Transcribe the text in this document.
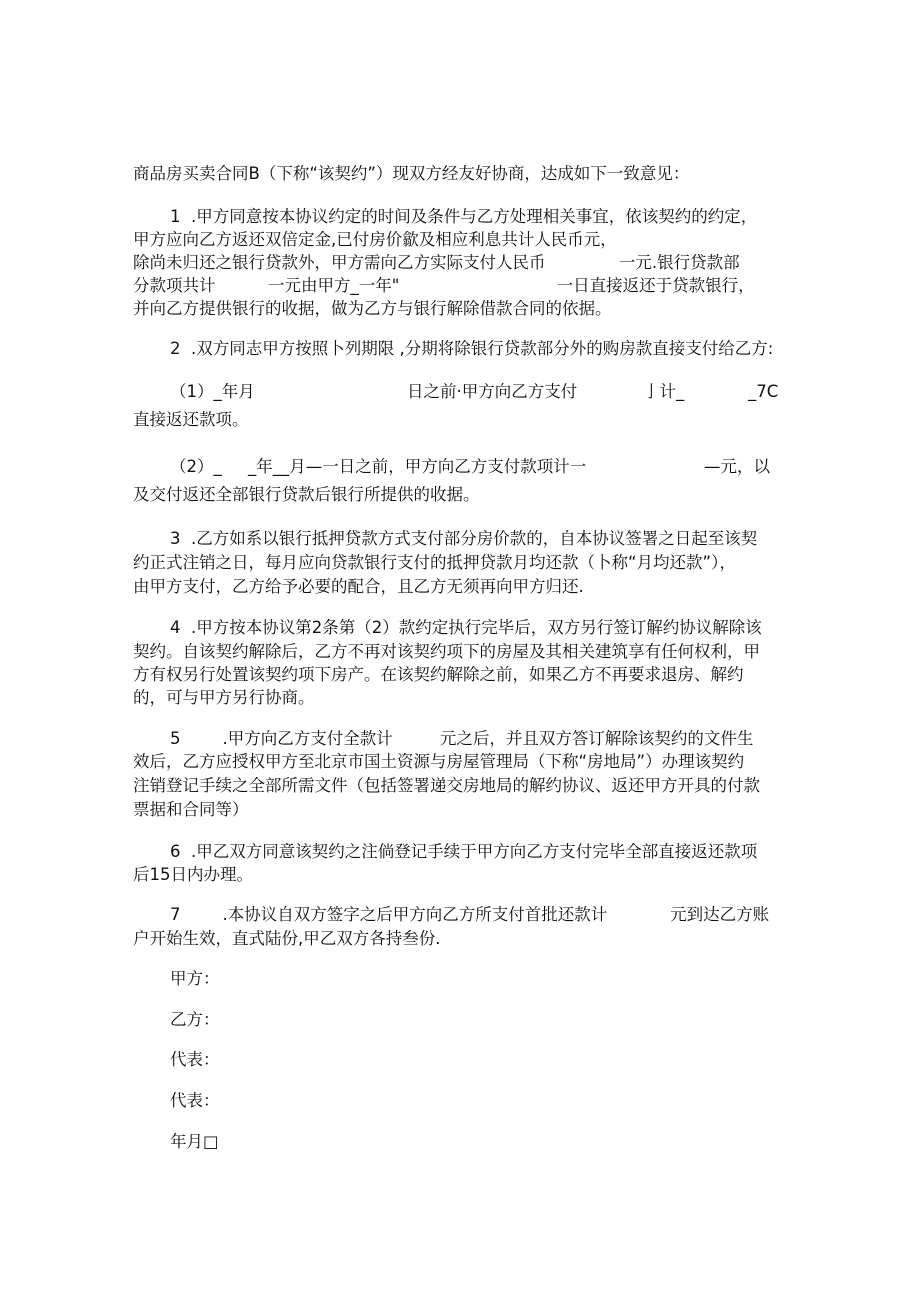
商品房买卖合同B（下称“该契约”）现双方经友好协商，达成如下一致意见：
1  .甲方同意按本协议约定的时间及条件与乙方处理相关事宜，依该契约的约定，
甲方应向乙方返还双倍定金,已付房价歙及相应利息共计人民币元，
除尚未归还之银行贷款外，甲方需向乙方实际支付人民币              一元.银行贷款部
分款项共计          一元由甲方_一年"                              一日直接返还于贷款银行，
并向乙方提供银行的收据，做为乙方与银行解除借款合同的依据。
2  .双方同志甲方按照卜列期限 ,分期将除银行贷款部分外的购房款直接支付给乙方:
（1）_年月	日之前·甲方向乙方支付	亅计_	_7C
直接返还款项。
（2）_     _年__月—一日之前，甲方向乙方支付款项计一	—元，以
及交付返还全部银行贷款后银行所提供的收据。
3  .乙方如系以银行抵押贷款方式支付部分房价款的，自本协议签署之日起至该契
约正式注销之日，每月应向贷款银行支付的抵押贷款月均还款（卜称“月均还款”），
由甲方支付，乙方给予必要的配合，且乙方无须再向甲方归还.
4  .甲方按本协议第2条第（2）款约定执行完毕后，双方另行签订解约协议解除该
契约。自该契约解除后，乙方不再对该契约项下的房屋及其相关建筑享有任何权利，甲
方有权另行处置该契约项下房产。在该契约解除之前，如果乙方不再要求退房、解约
的，可与甲方另行协商。
5        .甲方向乙方支付全款计         元之后，并且双方答订解除该契约的文件生
效后，乙方应授权甲方至北京市国土资源与房屋管理局（下称“房地局”）办理该契约
注销登记手续之全部所需文件（包括签署递交房地局的解约协议、返还甲方开具的付款
票据和合同等）
6  .甲乙双方同意该契约之注倘登记手续于甲方向乙方支付完毕全部直接返还款项
后15日内办理。
7        .本协议自双方签字之后甲方向乙方所支付首批还款计            元到达乙方账
户开始生效，直式陆份,甲乙双方各持叁份.
甲方：
乙方：
代表：
代表：
年月□
